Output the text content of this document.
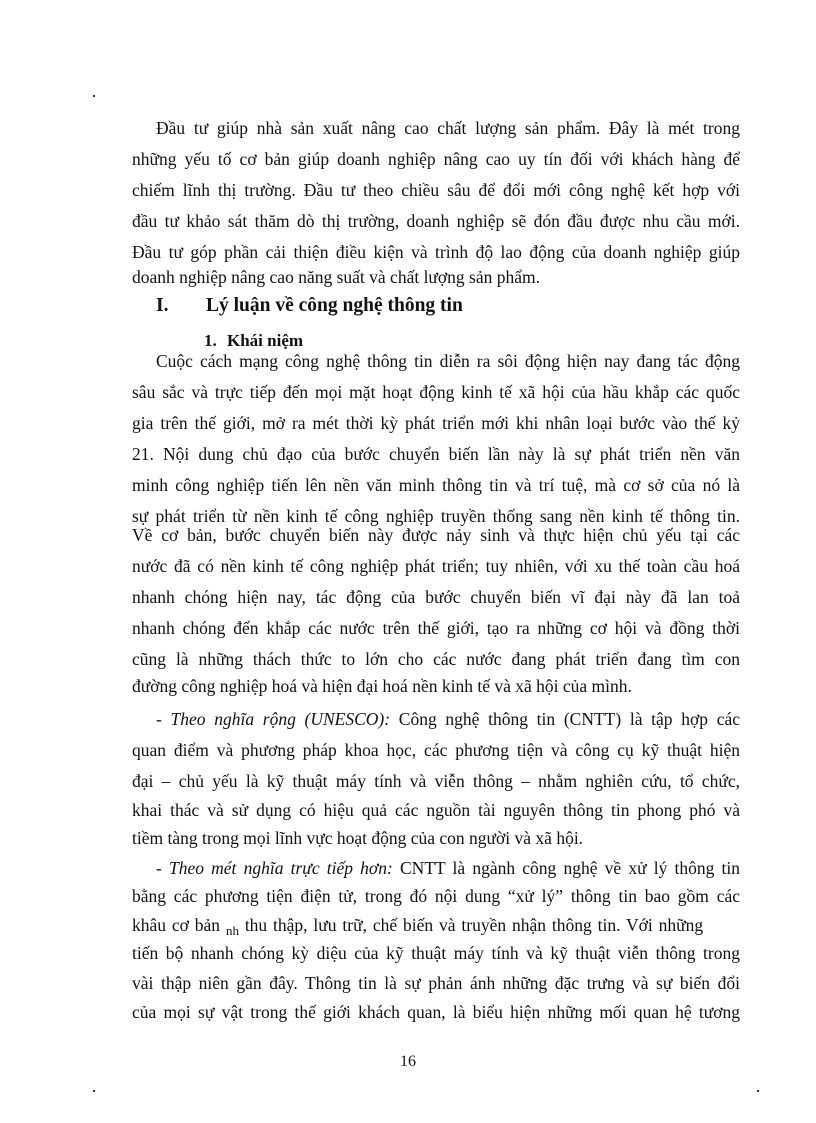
Đầu tư giúp nhà sản xuất nâng cao chất lượng sản phẩm. Đây là mét trong
những yếu tố cơ bản giúp doanh nghiệp nâng cao uy tín đối với khách hàng để
chiếm lĩnh thị trường. Đầu tư theo chiều sâu để đổi mới công nghệ kết hợp với
đầu tư khảo sát thăm dò thị trường, doanh nghiệp sẽ đón đầu được nhu cầu mới.
Đầu tư góp phần cải thiện điều kiện và trình độ lao động của doanh nghiệp giúp
doanh nghiệp nâng cao năng suất và chất lượng sản phẩm.
I. Lý luận về công nghệ thông tin
1. Khái niệm
Cuộc cách mạng công nghệ thông tin diễn ra sôi động hiện nay đang tác động
sâu sắc và trực tiếp đến mọi mặt hoạt động kinh tế xã hội của hầu khắp các quốc
gia trên thế giới, mở ra mét thời kỳ phát triển mới khi nhân loại bước vào thế kỷ
21. Nội dung chủ đạo của bước chuyển biến lần này là sự phát triển nền văn
minh công nghiệp tiến lên nền văn minh thông tin và trí tuệ, mà cơ sở của nó là
sự phát triển từ nền kinh tế công nghiệp truyền thống sang nền kinh tế thông tin.
Về cơ bản, bước chuyển biến này được nảy sinh và thực hiện chủ yếu tại các
nước đã có nền kinh tế công nghiệp phát triển; tuy nhiên, với xu thế toàn cầu hoá
nhanh chóng hiện nay, tác động của bước chuyển biến vĩ đại này đã lan toả
nhanh chóng đến khắp các nước trên thế giới, tạo ra những cơ hội và đồng thời
cũng là những thách thức to lớn cho các nước đang phát triển đang tìm con
đường công nghiệp hoá và hiện đại hoá nền kinh tế và xã hội của mình.
- Theo nghĩa rộng (UNESCO): Công nghệ thông tin (CNTT) là tập hợp các
quan điểm và phương pháp khoa học, các phương tiện và công cụ kỹ thuật hiện
đại – chủ yếu là kỹ thuật máy tính và viễn thông – nhằm nghiên cứu, tổ chức,
khai thác và sử dụng có hiệu quả các nguồn tài nguyên thông tin phong phó và
tiềm tàng trong mọi lĩnh vực hoạt động của con người và xã hội.
- Theo mét nghĩa trực tiếp hơn: CNTT là ngành công nghệ về xử lý thông tin
bằng các phương tiện điện tử, trong đó nội dung “xử lý” thông tin bao gồm các
khâu cơ bản $_{nh}$ thu thập, lưu trữ, chế biến và truyền nhận thông tin. Với những
tiến bộ nhanh chóng kỳ diệu của kỹ thuật máy tính và kỹ thuật viễn thông trong
vài thập niên gần đây. Thông tin là sự phản ánh những đặc trưng và sự biến đổi
của mọi sự vật trong thế giới khách quan, là biểu hiện những mối quan hệ tương
16
